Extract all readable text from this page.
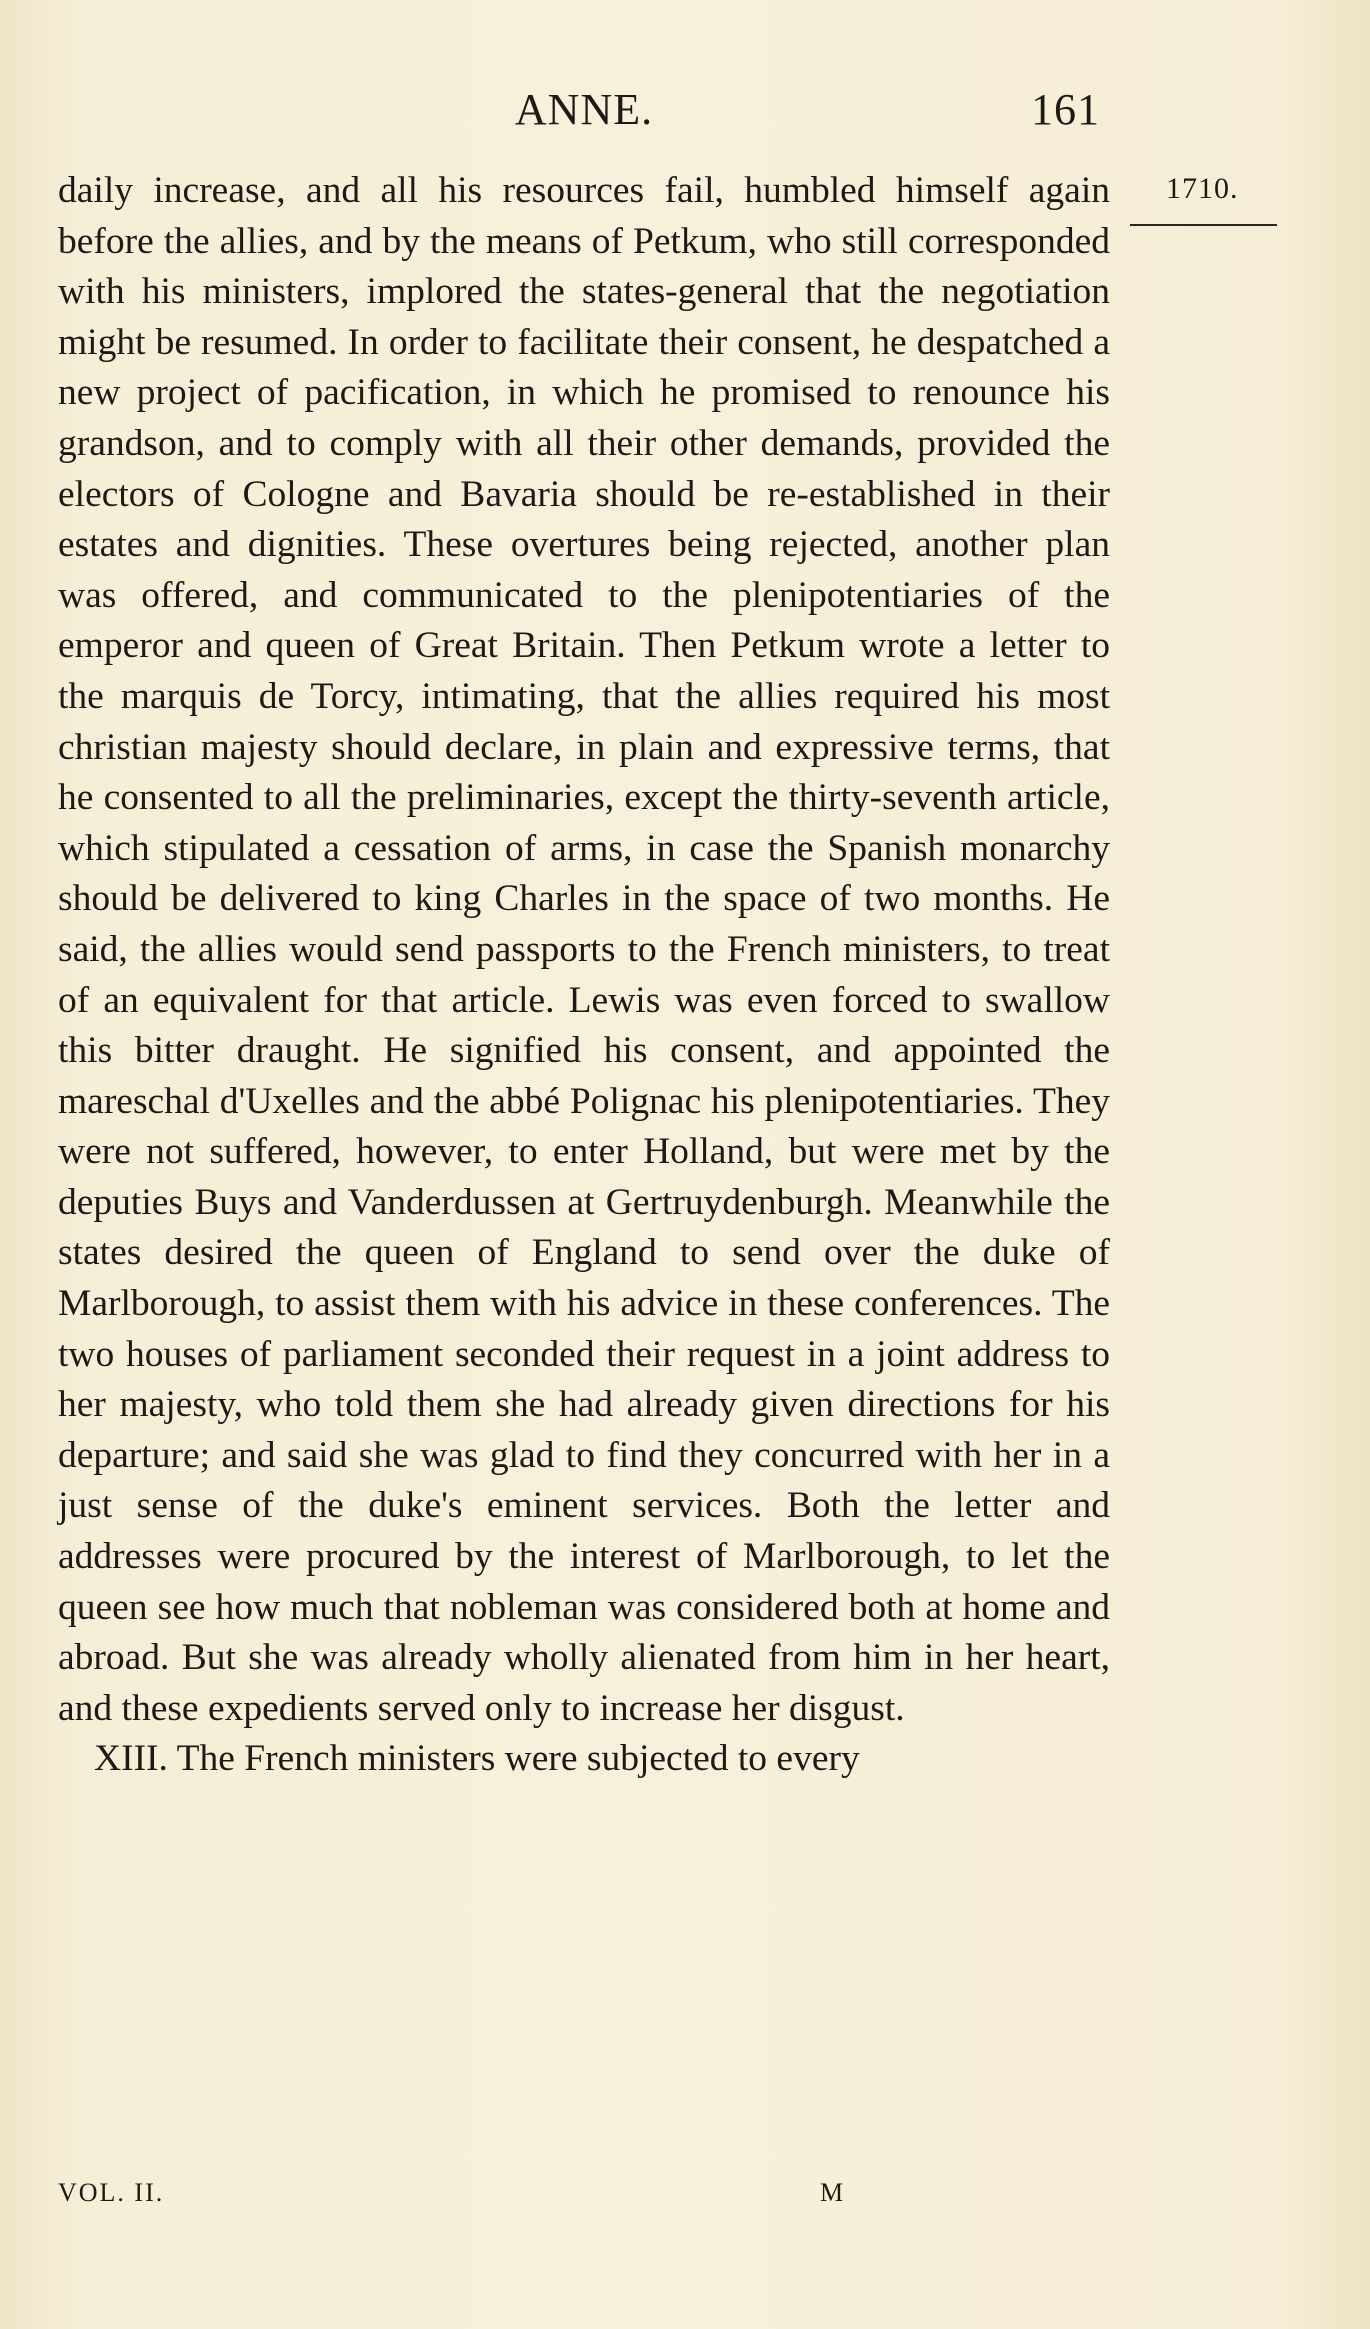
ANNE.	161
1710.

daily increase, and all his resources fail, humbled himself again before the allies, and by the means of Petkum, who still corresponded with his ministers, implored the states-general that the negotiation might be resumed. In order to facilitate their consent, he despatched a new project of pacification, in which he promised to renounce his grandson, and to comply with all their other demands, provided the electors of Cologne and Bavaria should be re-established in their estates and dignities. These overtures being rejected, another plan was offered, and communicated to the plenipotentiaries of the emperor and queen of Great Britain. Then Petkum wrote a letter to the marquis de Torcy, intimating, that the allies required his most christian majesty should declare, in plain and expressive terms, that he consented to all the preliminaries, except the thirty-seventh article, which stipulated a cessation of arms, in case the Spanish monarchy should be delivered to king Charles in the space of two months. He said, the allies would send passports to the French ministers, to treat of an equivalent for that article. Lewis was even forced to swallow this bitter draught. He signified his consent, and appointed the mareschal d'Uxelles and the abbé Polignac his plenipotentiaries. They were not suffered, however, to enter Holland, but were met by the deputies Buys and Vanderdussen at Gertruydenburgh. Meanwhile the states desired the queen of England to send over the duke of Marlborough, to assist them with his advice in these conferences. The two houses of parliament seconded their request in a joint address to her majesty, who told them she had already given directions for his departure; and said she was glad to find they concurred with her in a just sense of the duke's eminent services. Both the letter and addresses were procured by the interest of Marlborough, to let the queen see how much that nobleman was considered both at home and abroad. But she was already wholly alienated from him in her heart, and these expedients served only to increase her disgust.

XIII. The French ministers were subjected to every

VOL. II.	M
